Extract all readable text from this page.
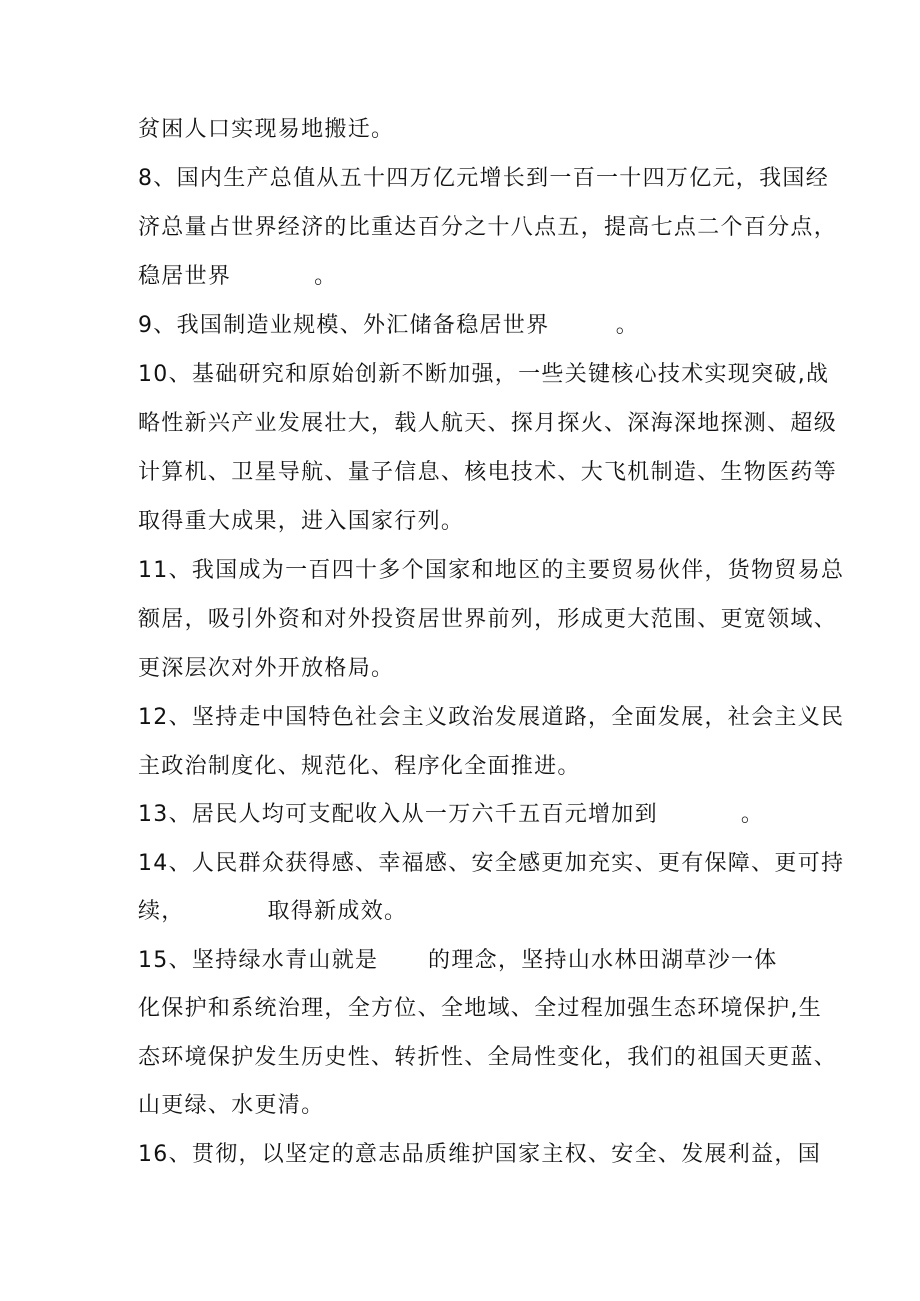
贫困人口实现易地搬迁。

8、国内生产总值从五十四万亿元增长到一百一十四万亿元，我国经

济总量占世界经济的比重达百分之十八点五，提高七点二个百分点，

稳居世界          。

9、我国制造业规模、外汇储备稳居世界        。

10、基础研究和原始创新不断加强，一些关键核心技术实现突破,战

略性新兴产业发展壮大，载人航天、探月探火、深海深地探测、超级

计算机、卫星导航、量子信息、核电技术、大飞机制造、生物医药等

取得重大成果，进入国家行列。

11、我国成为一百四十多个国家和地区的主要贸易伙伴，货物贸易总

额居，吸引外资和对外投资居世界前列，形成更大范围、更宽领域、

更深层次对外开放格局。

12、坚持走中国特色社会主义政治发展道路，全面发展，社会主义民

主政治制度化、规范化、程序化全面推进。

13、居民人均可支配收入从一万六千五百元增加到          。

14、人民群众获得感、幸福感、安全感更加充实、更有保障、更可持

续，          取得新成效。

15、坚持绿水青山就是      的理念，坚持山水林田湖草沙一体

化保护和系统治理，全方位、全地域、全过程加强生态环境保护,生

态环境保护发生历史性、转折性、全局性变化，我们的祖国天更蓝、

山更绿、水更清。

16、贯彻，以坚定的意志品质维护国家主权、安全、发展利益，国
